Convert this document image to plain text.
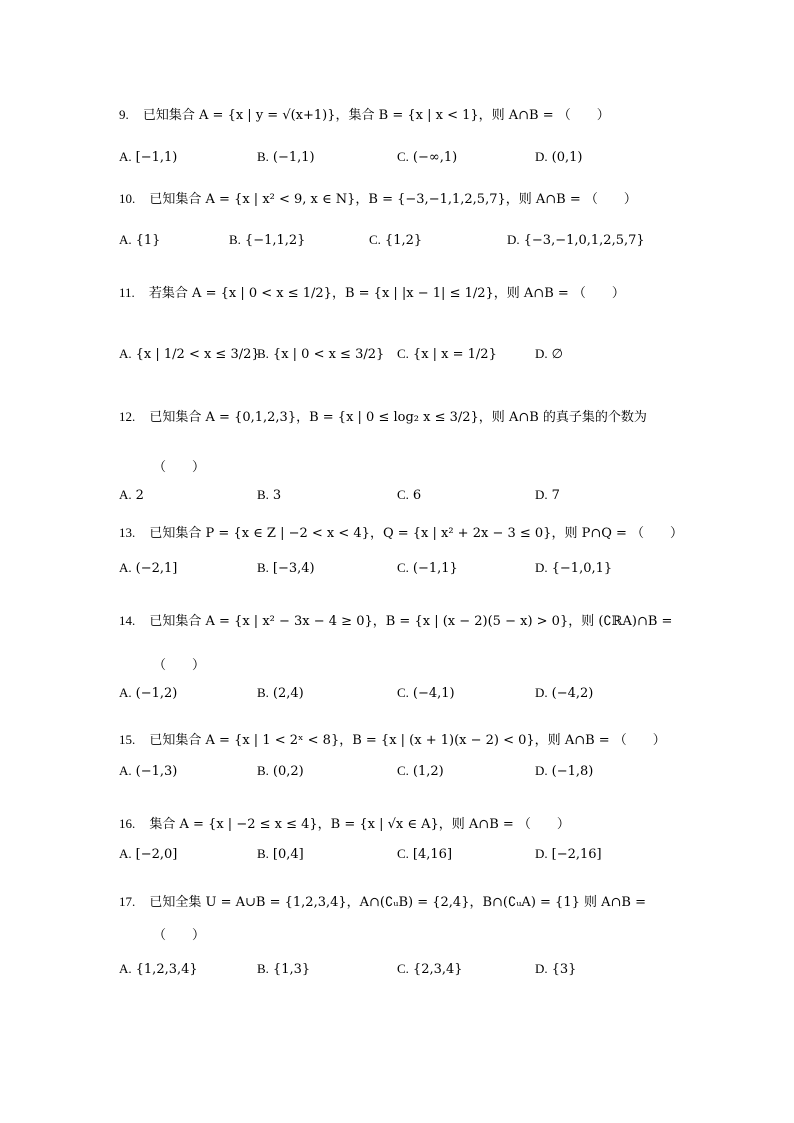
9. 已知集合 A = {x | y = √(x+1)}，集合 B = {x | x < 1}，则 A∩B = （　　）
A. [−1,1)	B. (−1,1)	C. (−∞,1)	D. (0,1)
10. 已知集合 A = {x | x² < 9, x ∈ N}，B = {−3,−1,1,2,5,7}，则 A∩B = （　　）
A. {1}	B. {−1,1,2}	C. {1,2}	D. {−3,−1,0,1,2,5,7}
11. 若集合 A = {x | 0 < x ≤ 1/2}，B = {x | |x − 1| ≤ 1/2}，则 A∩B = （　　）
A. {x | 1/2 < x ≤ 3/2}
B. {x | 0 < x ≤ 3/2} C. {x | x = 1/2}	D. ∅
12. 已知集合 A = {0,1,2,3}，B = {x | 0 ≤ log₂ x ≤ 3/2}，则 A∩B 的真子集的个数为
（　　）
A. 2	B. 3	C. 6	D. 7
13. 已知集合 P = {x ∈ Z | −2 < x < 4}，Q = {x | x² + 2x − 3 ≤ 0}，则 P∩Q = （　　）
A. (−2,1]	B. [−3,4)	C. (−1,1}	D. {−1,0,1}
14. 已知集合 A = {x | x² − 3x − 4 ≥ 0}，B = {x | (x − 2)(5 − x) > 0}，则 (∁ℝA)∩B =
（　　）
A. (−1,2)	B. (2,4)	C. (−4,1)	D. (−4,2)
15. 已知集合 A = {x | 1 < 2ˣ < 8}，B = {x | (x + 1)(x − 2) < 0}，则 A∩B = （　　）
A. (−1,3)	B. (0,2)	C. (1,2)	D. (−1,8)
16. 集合 A = {x | −2 ≤ x ≤ 4}，B = {x | √x ∈ A}，则 A∩B = （　　）
A. [−2,0]	B. [0,4]	C. [4,16]	D. [−2,16]
17. 已知全集 U = A∪B = {1,2,3,4}，A∩(∁ᵤB) = {2,4}，B∩(∁ᵤA) = {1} 则 A∩B =
（　　）
A. {1,2,3,4}	B. {1,3}	C. {2,3,4}	D. {3}
